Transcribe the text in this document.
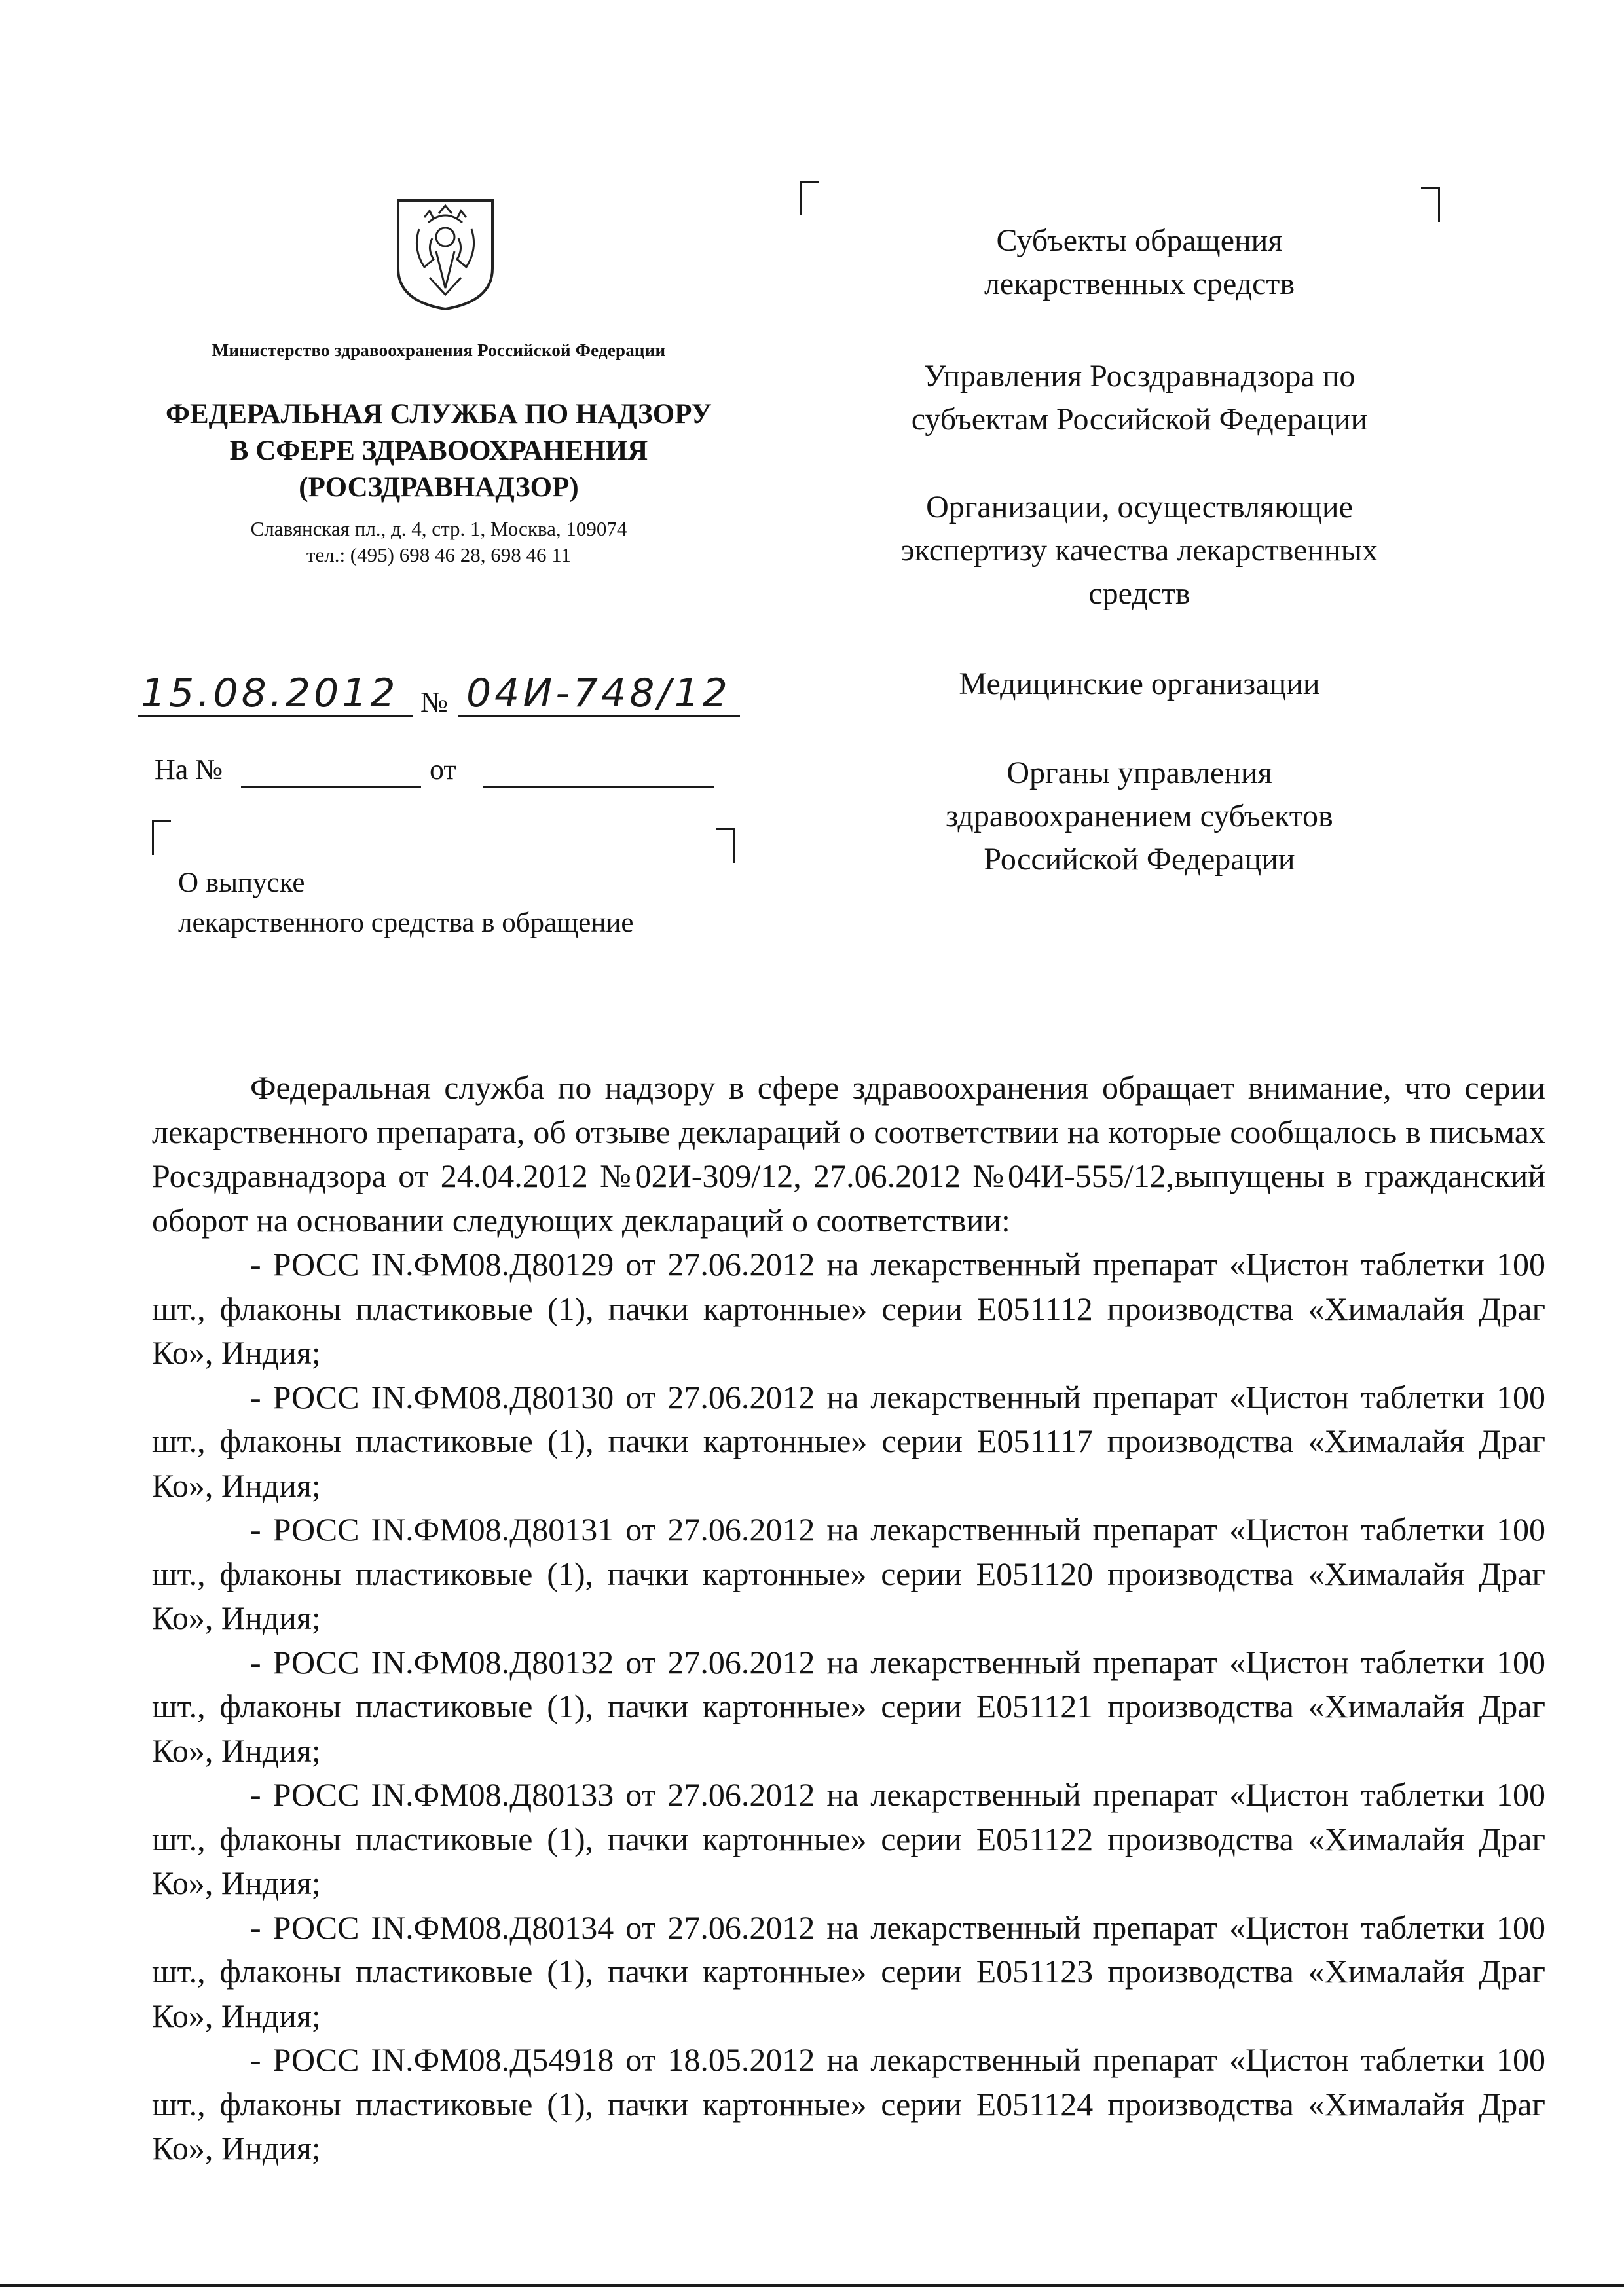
Министерство здравоохранения Российской Федерации
ФЕДЕРАЛЬНАЯ СЛУЖБА ПО НАДЗОРУ
В СФЕРЕ ЗДРАВООХРАНЕНИЯ
(РОСЗДРАВНАДЗОР)
Славянская пл., д. 4, стр. 1, Москва, 109074
тел.: (495) 698 46 28, 698 46 11
15.08.2012 № 04И-748/12
На №	от
О выпуске
лекарственного средства в обращение
Субъекты обращения
лекарственных средств
Управления Росздравнадзора по
субъектам Российской Федерации
Организации, осуществляющие
экспертизу качества лекарственных
средств
Медицинские организации
Органы управления
здравоохранением субъектов
Российской Федерации

Федеральная служба по надзору в сфере здравоохранения обращает внимание, что серии лекарственного препарата, об отзыве деклараций о соответствии на которые сообщалось в письмах Росздравнадзора от 24.04.2012 №02И-309/12, 27.06.2012 №04И-555/12,выпущены в гражданский оборот на основании следующих деклараций о соответствии:

- РОСС IN.ФМ08.Д80129 от 27.06.2012 на лекарственный препарат «Цистон таблетки 100 шт., флаконы пластиковые (1), пачки картонные» серии E051112 производства «Хималайя Драг Ко», Индия;

- РОСС IN.ФМ08.Д80130 от 27.06.2012 на лекарственный препарат «Цистон таблетки 100 шт., флаконы пластиковые (1), пачки картонные» серии E051117 производства «Хималайя Драг Ко», Индия;

- РОСС IN.ФМ08.Д80131 от 27.06.2012 на лекарственный препарат «Цистон таблетки 100 шт., флаконы пластиковые (1), пачки картонные» серии E051120 производства «Хималайя Драг Ко», Индия;

- РОСС IN.ФМ08.Д80132 от 27.06.2012 на лекарственный препарат «Цистон таблетки 100 шт., флаконы пластиковые (1), пачки картонные» серии E051121 производства «Хималайя Драг Ко», Индия;

- РОСС IN.ФМ08.Д80133 от 27.06.2012 на лекарственный препарат «Цистон таблетки 100 шт., флаконы пластиковые (1), пачки картонные» серии E051122 производства «Хималайя Драг Ко», Индия;

- РОСС IN.ФМ08.Д80134 от 27.06.2012 на лекарственный препарат «Цистон таблетки 100 шт., флаконы пластиковые (1), пачки картонные» серии E051123 производства «Хималайя Драг Ко», Индия;

- РОСС IN.ФМ08.Д54918 от 18.05.2012 на лекарственный препарат «Цистон таблетки 100 шт., флаконы пластиковые (1), пачки картонные» серии E051124 производства «Хималайя Драг Ко», Индия;
